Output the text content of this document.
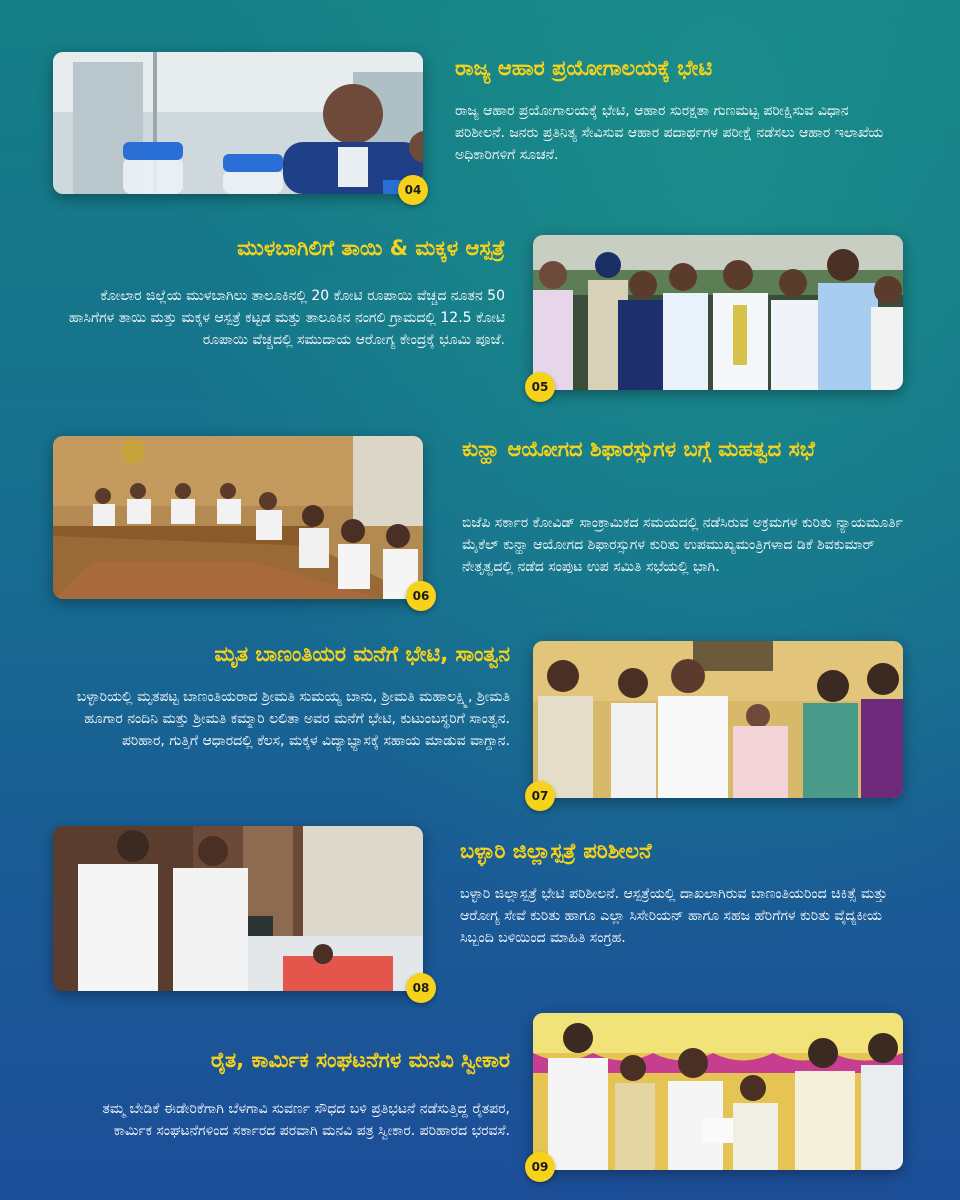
04
ರಾಜ್ಯ ಆಹಾರ ಪ್ರಯೋಗಾಲಯಕ್ಕೆ ಭೇಟಿ
ರಾಜ್ಯ ಆಹಾರ ಪ್ರಯೋಗಾಲಯಕ್ಕೆ ಭೇಟಿ, ಆಹಾರ ಸುರಕ್ಷತಾ ಗುಣಮಟ್ಟ ಪರೀಕ್ಷಿಸುವ ವಿಧಾನ ಪರಿಶೀಲನೆ. ಜನರು ಪ್ರತಿನಿತ್ಯ ಸೇವಿಸುವ ಆಹಾರ ಪದಾರ್ಥಗಳ ಪರೀಕ್ಷೆ ನಡೆಸಲು ಆಹಾರ ಇಲಾಖೆಯ ಅಧಿಕಾರಿಗಳಿಗೆ ಸೂಚನೆ.
ಮುಳಬಾಗಿಲಿಗೆ ತಾಯಿ & ಮಕ್ಕಳ ಆಸ್ಪತ್ರೆ
ಕೋಲಾರ ಜಿಲ್ಲೆಯ ಮುಳಬಾಗಿಲು ತಾಲೂಕಿನಲ್ಲಿ 20 ಕೋಟಿ ರೂಪಾಯಿ ವೆಚ್ಚದ ನೂತನ 50 ಹಾಸಿಗೆಗಳ ತಾಯಿ ಮತ್ತು ಮಕ್ಕಳ ಆಸ್ಪತ್ರೆ ಕಟ್ಟಡ ಮತ್ತು ತಾಲೂಕಿನ ನಂಗಲಿ ಗ್ರಾಮದಲ್ಲಿ 12.5 ಕೋಟಿ ರೂಪಾಯಿ ವೆಚ್ಚದಲ್ಲಿ ಸಮುದಾಯ ಆರೋಗ್ಯ ಕೇಂದ್ರಕ್ಕೆ ಭೂಮಿ ಪೂಜೆ.
05
06
ಕುನ್ಹಾ ಆಯೋಗದ ಶಿಫಾರಸ್ಸುಗಳ ಬಗ್ಗೆ ಮಹತ್ವದ ಸಭೆ
ಬಿಜೆಪಿ ಸರ್ಕಾರ ಕೋವಿಡ್ ಸಾಂಕ್ರಾಮಿಕದ ಸಮಯದಲ್ಲಿ ನಡೆಸಿರುವ ಅಕ್ರಮಗಳ ಕುರಿತು ನ್ಯಾಯಮೂರ್ತಿ ಮೈಕೆಲ್ ಕುನ್ಹಾ ಆಯೋಗದ ಶಿಫಾರಸ್ಸುಗಳ ಕುರಿತು ಉಪಮುಖ್ಯಮಂತ್ರಿಗಳಾದ ಡಿಕೆ ಶಿವಕುಮಾರ್ ನೇತೃತ್ವದಲ್ಲಿ ನಡೆದ ಸಂಪುಟ ಉಪ ಸಮಿತಿ ಸಭೆಯಲ್ಲಿ ಭಾಗಿ.
ಮೃತ ಬಾಣಂತಿಯರ ಮನೆಗೆ ಭೇಟಿ, ಸಾಂತ್ವನ
ಬಳ್ಳಾರಿಯಲ್ಲಿ ಮೃತಪಟ್ಟ ಬಾಣಂತಿಯರಾದ ಶ್ರೀಮತಿ ಸುಮಯ್ಯ ಬಾನು, ಶ್ರೀಮತಿ ಮಹಾಲಕ್ಷ್ಮಿ, ಶ್ರೀಮತಿ ಹೂಗಾರ ನಂದಿನಿ ಮತ್ತು ಶ್ರೀಮತಿ ಕಮ್ಮಾರಿ ಲಲಿತಾ ಅವರ ಮನೆಗೆ ಭೇಟಿ, ಕುಟುಂಬಸ್ಥರಿಗೆ ಸಾಂತ್ವನ. ಪರಿಹಾರ, ಗುತ್ತಿಗೆ ಆಧಾರದಲ್ಲಿ ಕೆಲಸ, ಮಕ್ಕಳ ವಿದ್ಯಾಭ್ಯಾಸಕ್ಕೆ ಸಹಾಯ ಮಾಡುವ ವಾಗ್ದಾನ.
07
08
ಬಳ್ಳಾರಿ ಜಿಲ್ಲಾಸ್ಪತ್ರೆ ಪರಿಶೀಲನೆ
ಬಳ್ಳಾರಿ ಜಿಲ್ಲಾಸ್ಪತ್ರೆ ಭೇಟಿ ಪರಿಶೀಲನೆ. ಆಸ್ಪತ್ರೆಯಲ್ಲಿ ದಾಖಲಾಗಿರುವ ಬಾಣಂತಿಯರಿಂದ ಚಿಕಿತ್ಸೆ ಮತ್ತು ಆರೋಗ್ಯ ಸೇವೆ ಕುರಿತು ಹಾಗೂ ಎಲ್ಲಾ ಸಿಸೇರಿಯನ್ ಹಾಗೂ ಸಹಜ ಹೆರಿಗೆಗಳ ಕುರಿತು ವೈದ್ಯಕೀಯ ಸಿಬ್ಬಂದಿ ಬಳಿಯಿಂದ ಮಾಹಿತಿ ಸಂಗ್ರಹ.
ರೈತ, ಕಾರ್ಮಿಕ ಸಂಘಟನೆಗಳ ಮನವಿ ಸ್ವೀಕಾರ
ತಮ್ಮ ಬೇಡಿಕೆ ಈಡೇರಿಕೆಗಾಗಿ ಬೆಳಗಾವಿ ಸುವರ್ಣ ಸೌಧದ ಬಳಿ ಪ್ರತಿಭಟನೆ ನಡೆಸುತ್ತಿದ್ದ ರೈತಪರ, ಕಾರ್ಮಿಕ ಸಂಘಟನೆಗಳಿಂದ ಸರ್ಕಾರದ ಪರವಾಗಿ ಮನವಿ ಪತ್ರ ಸ್ವೀಕಾರ. ಪರಿಹಾರದ ಭರವಸೆ.
09
